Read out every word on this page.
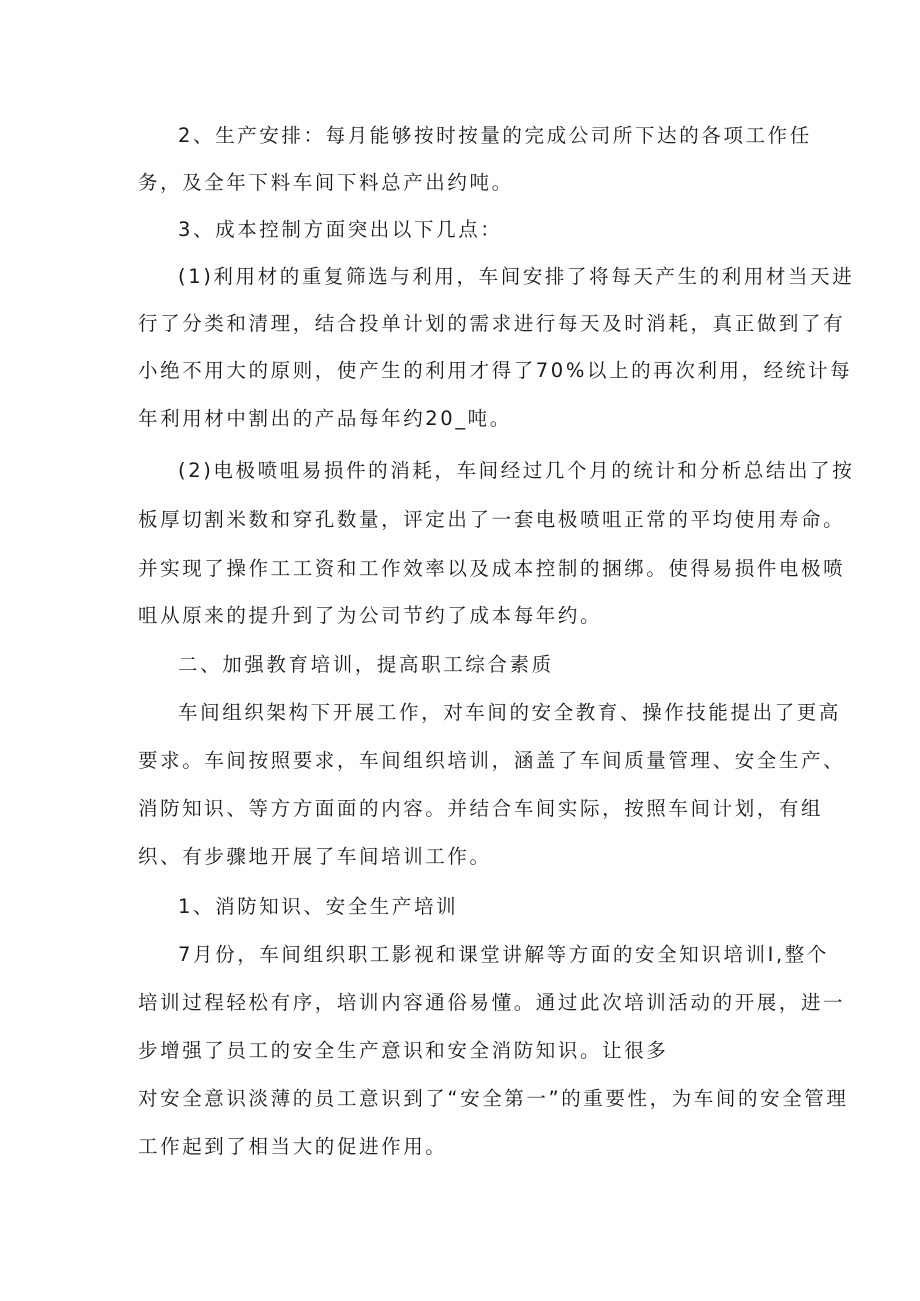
2、生产安排：每月能够按时按量的完成公司所下达的各项工作任
务，及全年下料车间下料总产出约吨。
3、成本控制方面突出以下几点：
(1)利用材的重复筛选与利用，车间安排了将每天产生的利用材当天进
行了分类和清理，结合投单计划的需求进行每天及时消耗，真正做到了有
小绝不用大的原则，使产生的利用才得了70%以上的再次利用，经统计每
年利用材中割出的产品每年约20_吨。
(2)电极喷咀易损件的消耗，车间经过几个月的统计和分析总结出了按
板厚切割米数和穿孔数量，评定出了一套电极喷咀正常的平均使用寿命。
并实现了操作工工资和工作效率以及成本控制的捆绑。使得易损件电极喷
咀从原来的提升到了为公司节约了成本每年约。
二、加强教育培训，提高职工综合素质
车间组织架构下开展工作，对车间的安全教育、操作技能提出了更高
要求。车间按照要求，车间组织培训，涵盖了车间质量管理、安全生产、
消防知识、等方方面面的内容。并结合车间实际，按照车间计划，有组
织、有步骤地开展了车间培训工作。
1、消防知识、安全生产培训
7月份，车间组织职工影视和课堂讲解等方面的安全知识培训I,整个
培训过程轻松有序，培训内容通俗易懂。通过此次培训活动的开展，进一
步增强了员工的安全生产意识和安全消防知识。让很多
对安全意识淡薄的员工意识到了“安全第一”的重要性，为车间的安全管理
工作起到了相当大的促进作用。
